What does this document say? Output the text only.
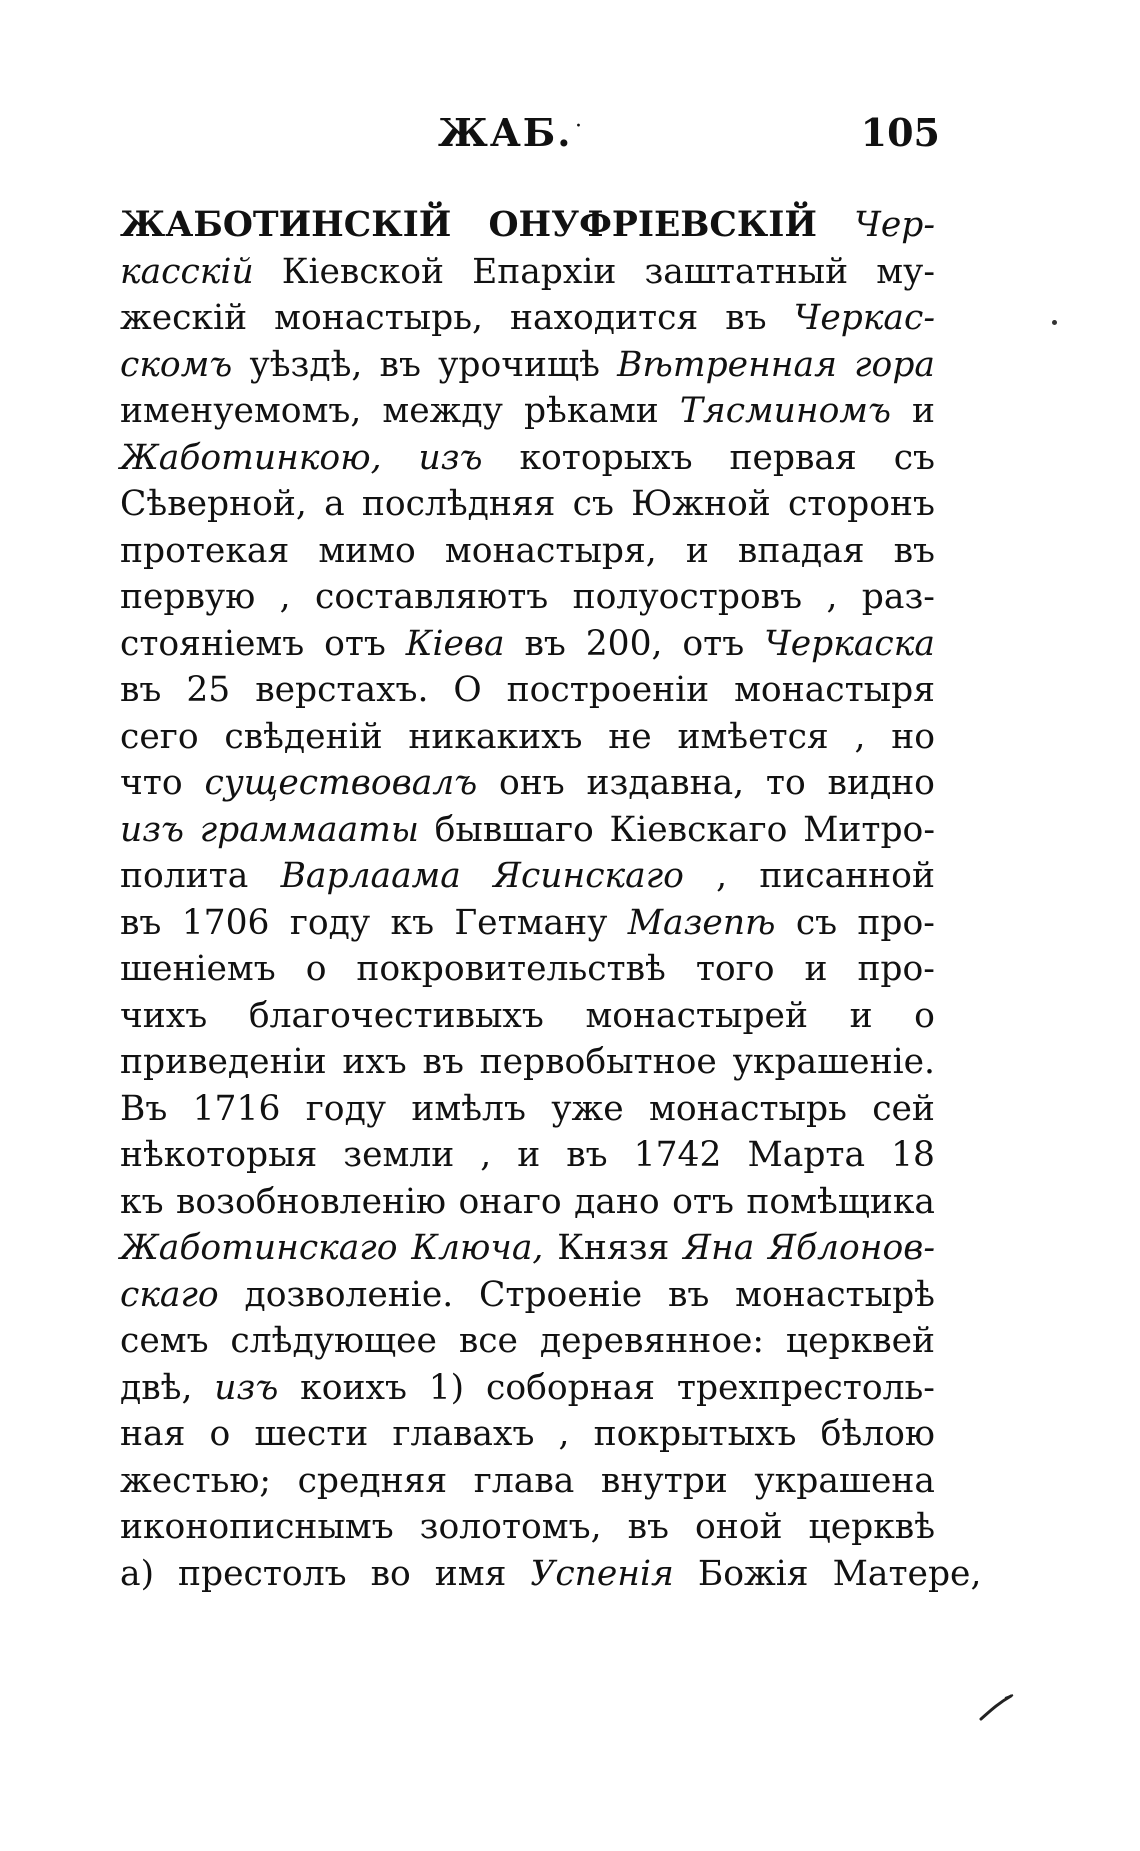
ЖАБ. ·	105
ЖАБОТИНСКІЙ ОНУФРІЕВСКІЙ Чер-
касскій Кіевской Епархіи заштатный му-
жескій монастырь, находится въ Черкас-
скомъ уѣздѣ, въ урочищѣ Вѣтренная гора
именуемомъ, между рѣками Тясминомъ и
Жаботинкою, изъ которыхъ первая съ
Сѣверной, а послѣдняя съ Южной сторонъ
протекая мимо монастыря, и впадая въ
первую , составляютъ полуостровъ , раз-
стояніемъ отъ Кіева въ 200, отъ Черкаска
въ 25 верстахъ. О построеніи монастыря
сего свѣденій никакихъ не имѣется , но
что существовалъ онъ издавна, то видно
изъ граммааты бывшаго Кіевскаго Митро-
полита Варлаама Ясинскаго , писанной
въ 1706 году къ Гетману Мазепѣ съ про-
шеніемъ о покровительствѣ того и про-
чихъ благочестивыхъ монастырей и о
приведеніи ихъ въ первобытное украшеніе.
Въ 1716 году имѣлъ уже монастырь сей
нѣкоторыя земли , и въ 1742 Марта 18
къ возобновленію онаго дано отъ помѣщика
Жаботинскаго Ключа, Князя Яна Яблонов-
скаго дозволеніе. Строеніе въ монастырѣ
семъ слѣдующее все деревянное: церквей
двѣ, изъ коихъ 1) соборная трехпрестоль-
ная о шести главахъ , покрытыхъ бѣлою
жестью; средняя глава внутри украшена
иконописнымъ золотомъ, въ оной церквѣ
a) престолъ во имя Успенія Божія Матере,
